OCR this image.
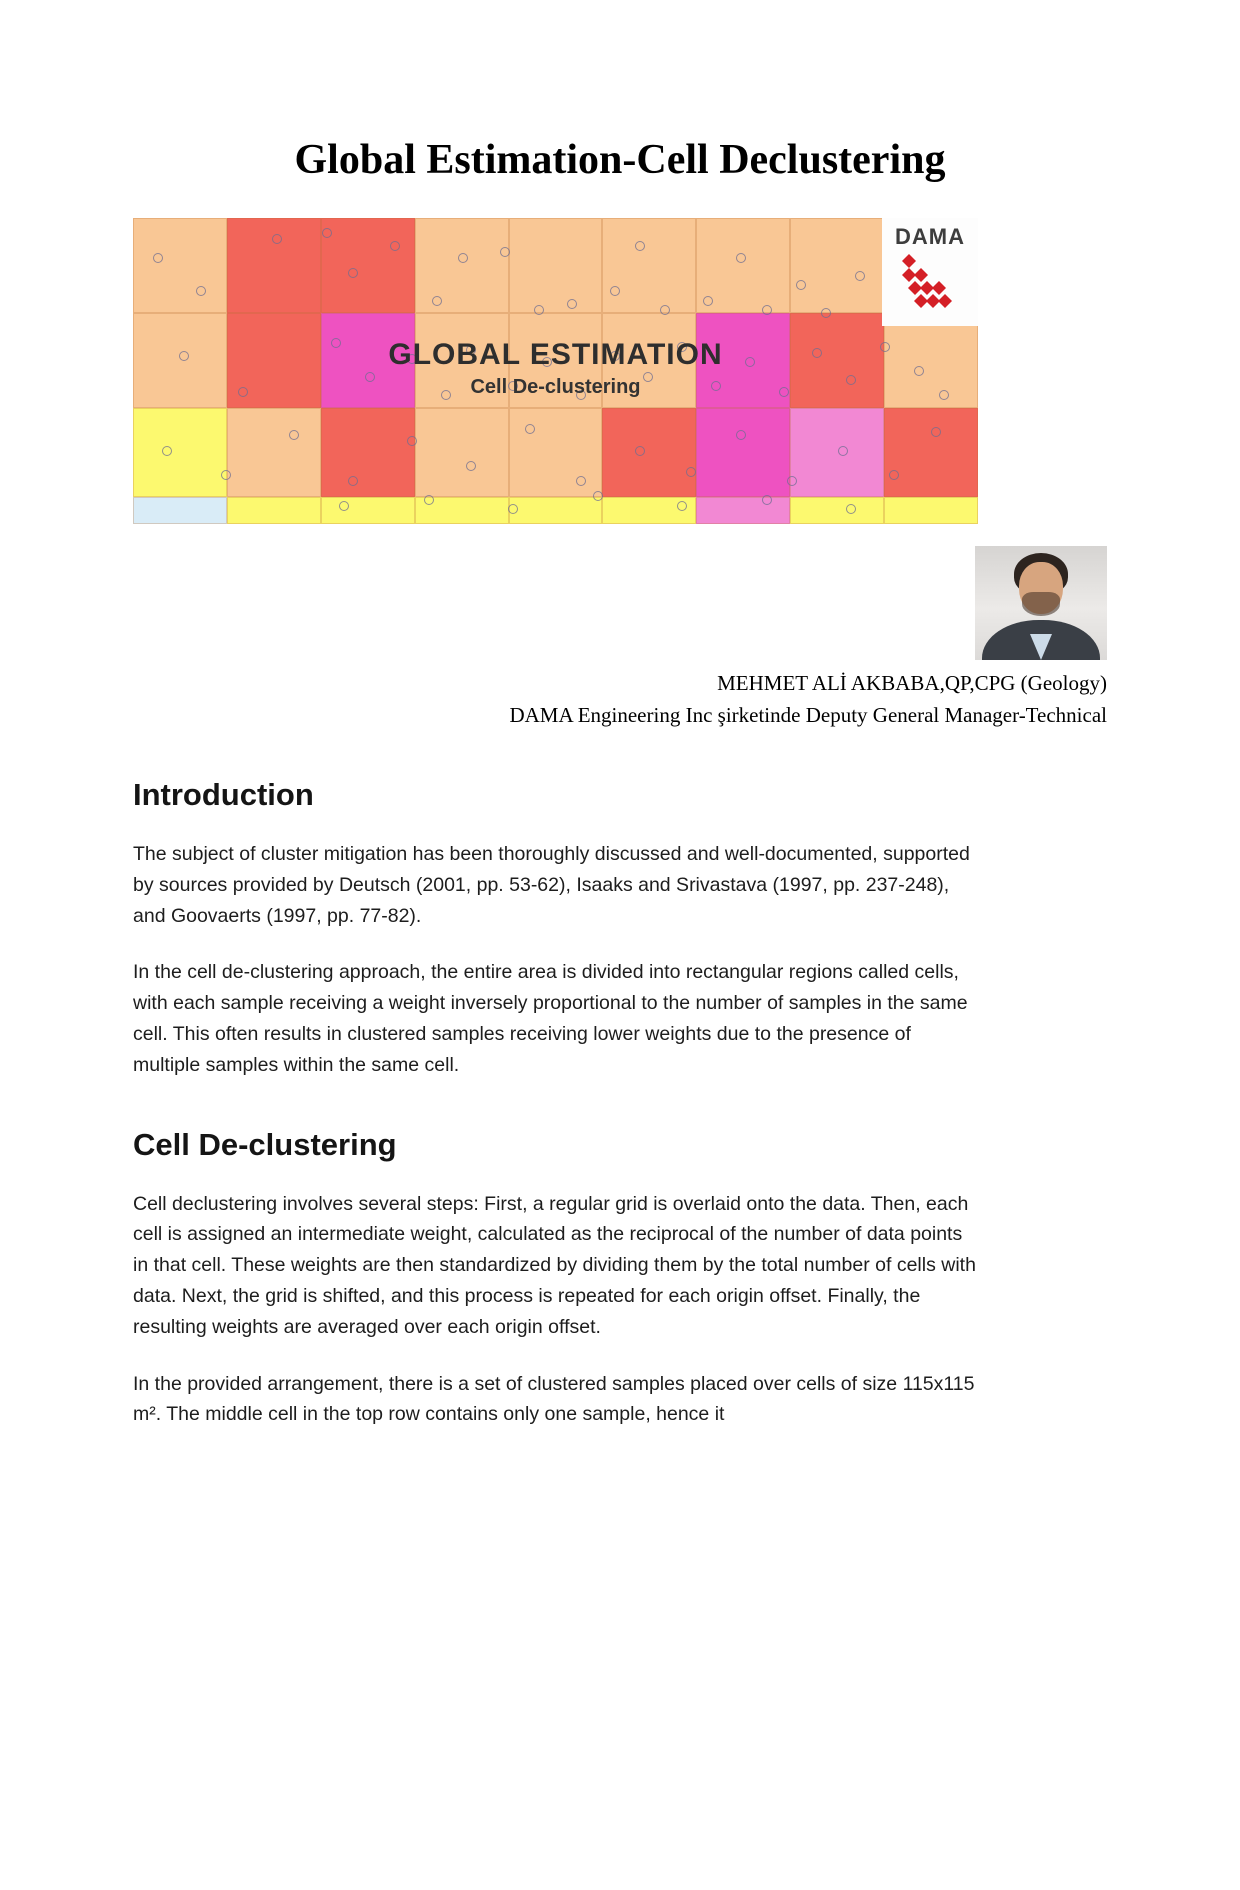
Global Estimation-Cell Declustering
GLOBAL ESTIMATION
Cell De-clustering
DAMA
MEHMET ALİ AKBABA,QP,CPG (Geology)
DAMA Engineering Inc şirketinde Deputy General Manager-Technical
Introduction

The subject of cluster mitigation has been thoroughly discussed and well-documented, supported by sources provided by Deutsch (2001, pp. 53-62), Isaaks and Srivastava (1997, pp. 237-248), and Goovaerts (1997, pp. 77-82).

In the cell de-clustering approach, the entire area is divided into rectangular regions called cells, with each sample receiving a weight inversely proportional to the number of samples in the same cell. This often results in clustered samples receiving lower weights due to the presence of multiple samples within the same cell.

Cell De-clustering

Cell declustering involves several steps: First, a regular grid is overlaid onto the data. Then, each cell is assigned an intermediate weight, calculated as the reciprocal of the number of data points in that cell. These weights are then standardized by dividing them by the total number of cells with data. Next, the grid is shifted, and this process is repeated for each origin offset. Finally, the resulting weights are averaged over each origin offset.

In the provided arrangement, there is a set of clustered samples placed over cells of size 115x115 m². The middle cell in the top row contains only one sample, hence it
